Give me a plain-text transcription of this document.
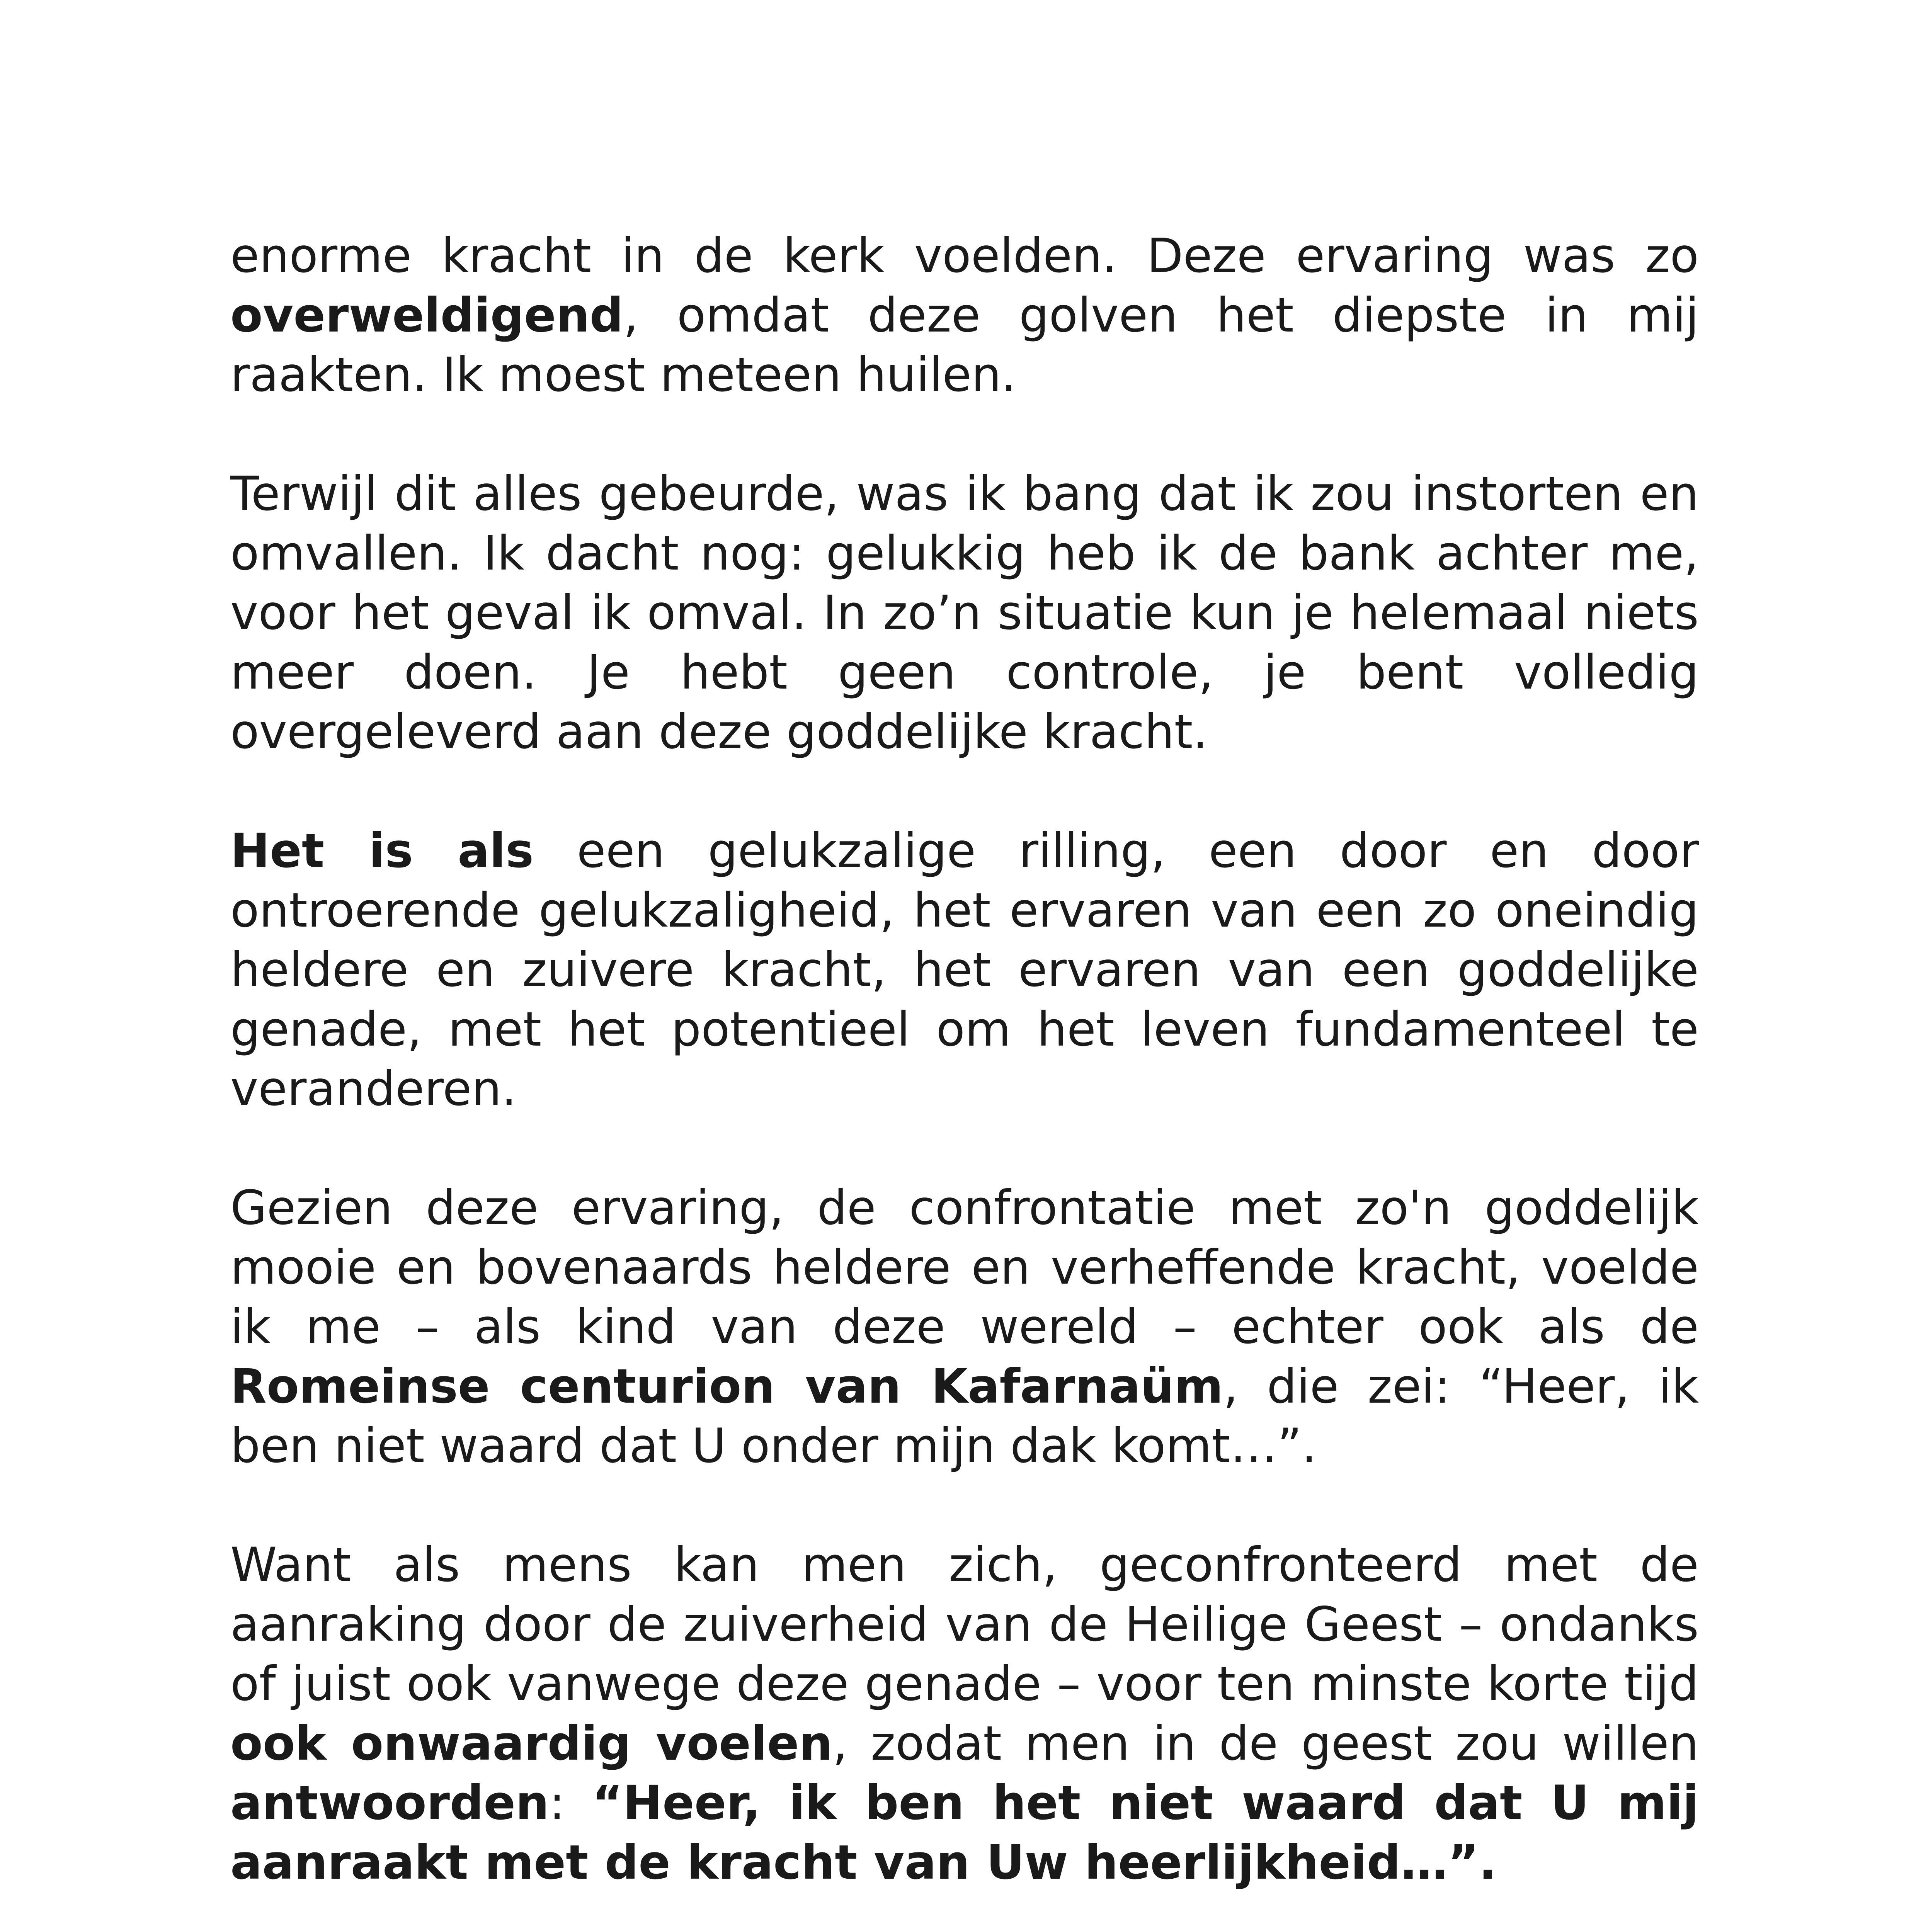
enorme kracht in de kerk voelden. Deze ervaring was zo overweldigend, omdat deze golven het diepste in mij raakten. Ik moest meteen huilen.

Terwijl dit alles gebeurde, was ik bang dat ik zou instorten en omvallen. Ik dacht nog: gelukkig heb ik de bank achter me, voor het geval ik omval. In zo’n situatie kun je helemaal niets meer doen. Je hebt geen controle, je bent volledig overgeleverd aan deze goddelijke kracht.

Het is als een gelukzalige rilling, een door en door ontroerende gelukzaligheid, het ervaren van een zo oneindig heldere en zuivere kracht, het ervaren van een goddelijke genade, met het potentieel om het leven fundamenteel te veranderen.

Gezien deze ervaring, de confrontatie met zo'n goddelijk mooie en bovenaards heldere en verheffende kracht, voelde ik me – als kind van deze wereld – echter ook als de Romeinse centurion van Kafarnaüm, die zei: “Heer, ik ben niet waard dat U onder mijn dak komt…”.

Want als mens kan men zich, geconfronteerd met de aanraking door de zuiverheid van de Heilige Geest – ondanks of juist ook vanwege deze genade – voor ten minste korte tijd ook onwaardig voelen, zodat men in de geest zou willen antwoorden: “Heer, ik ben het niet waard dat U mij aanraakt met de kracht van Uw heerlijkheid…”.
